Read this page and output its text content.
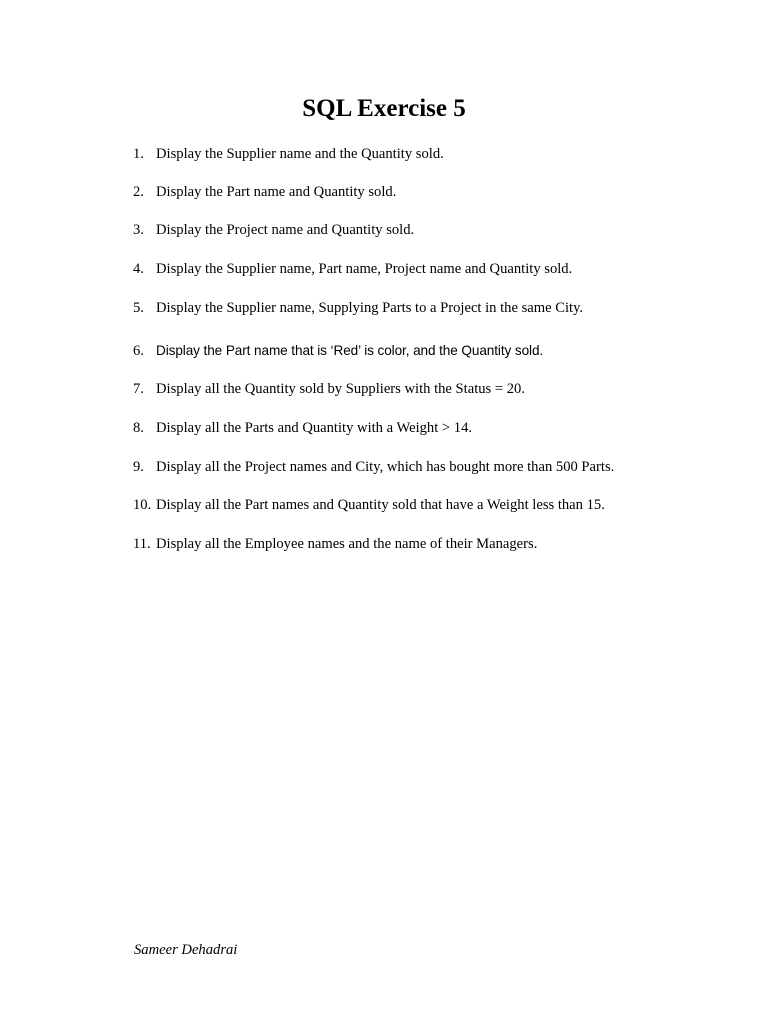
SQL Exercise 5
1. Display the Supplier name and the Quantity sold.
2. Display the Part name and Quantity sold.
3. Display the Project name and Quantity sold.
4. Display the Supplier name, Part name, Project name and Quantity sold.
5. Display the Supplier name, Supplying Parts to a Project in the same City.
6. Display the Part name that is ‘Red’ is color, and the Quantity sold.
7. Display all the Quantity sold by Suppliers with the Status = 20.
8. Display all the Parts and Quantity with a Weight > 14.
9. Display all the Project names and City, which has bought more than 500 Parts.
10. Display all the Part names and Quantity sold that have a Weight less than 15.
11. Display all the Employee names and the name of their Managers.
Sameer Dehadrai
